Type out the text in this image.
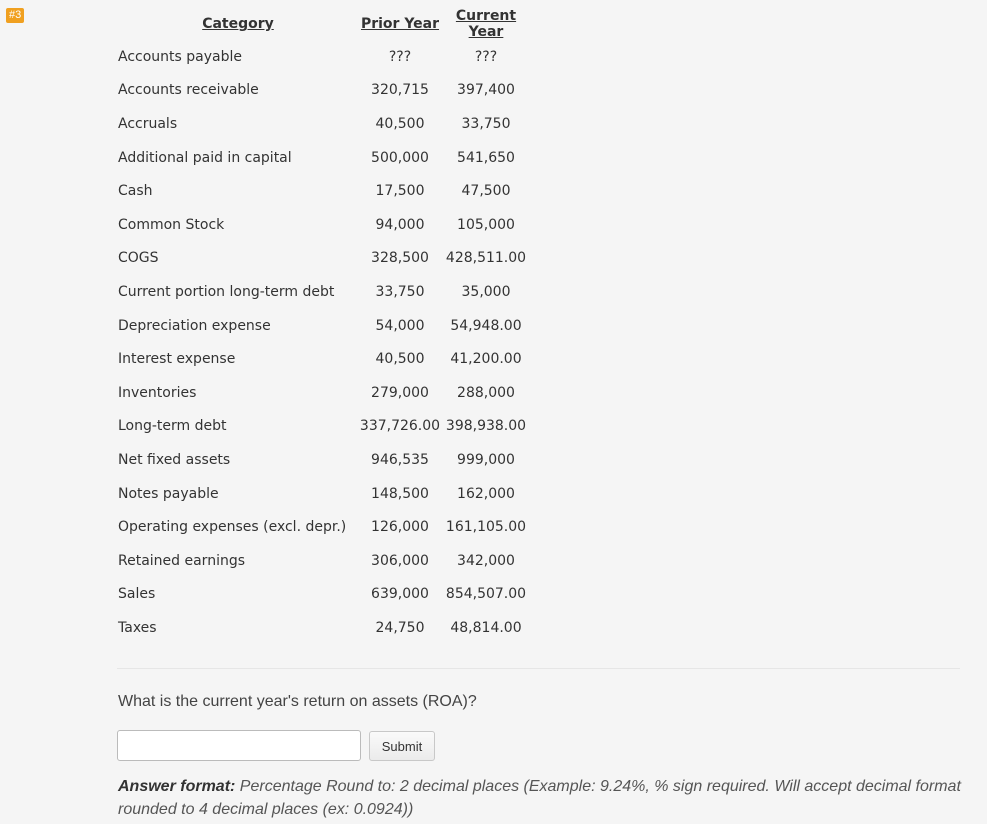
#3
Category	Prior Year	Current Year
Accounts payable	???	???
Accounts receivable	320,715	397,400
Accruals	40,500	33,750
Additional paid in capital	500,000	541,650
Cash	17,500	47,500
Common Stock	94,000	105,000
COGS	328,500	428,511.00
Current portion long-term debt	33,750	35,000
Depreciation expense	54,000	54,948.00
Interest expense	40,500	41,200.00
Inventories	279,000	288,000
Long-term debt	337,726.00	398,938.00
Net fixed assets	946,535	999,000
Notes payable	148,500	162,000
Operating expenses (excl. depr.)	126,000	161,105.00
Retained earnings	306,000	342,000
Sales	639,000	854,507.00
Taxes	24,750	48,814.00
What is the current year's return on assets (ROA)?
Submit
Answer format: Percentage Round to: 2 decimal places (Example: 9.24%, % sign required. Will accept decimal format rounded to 4 decimal places (ex: 0.0924))
